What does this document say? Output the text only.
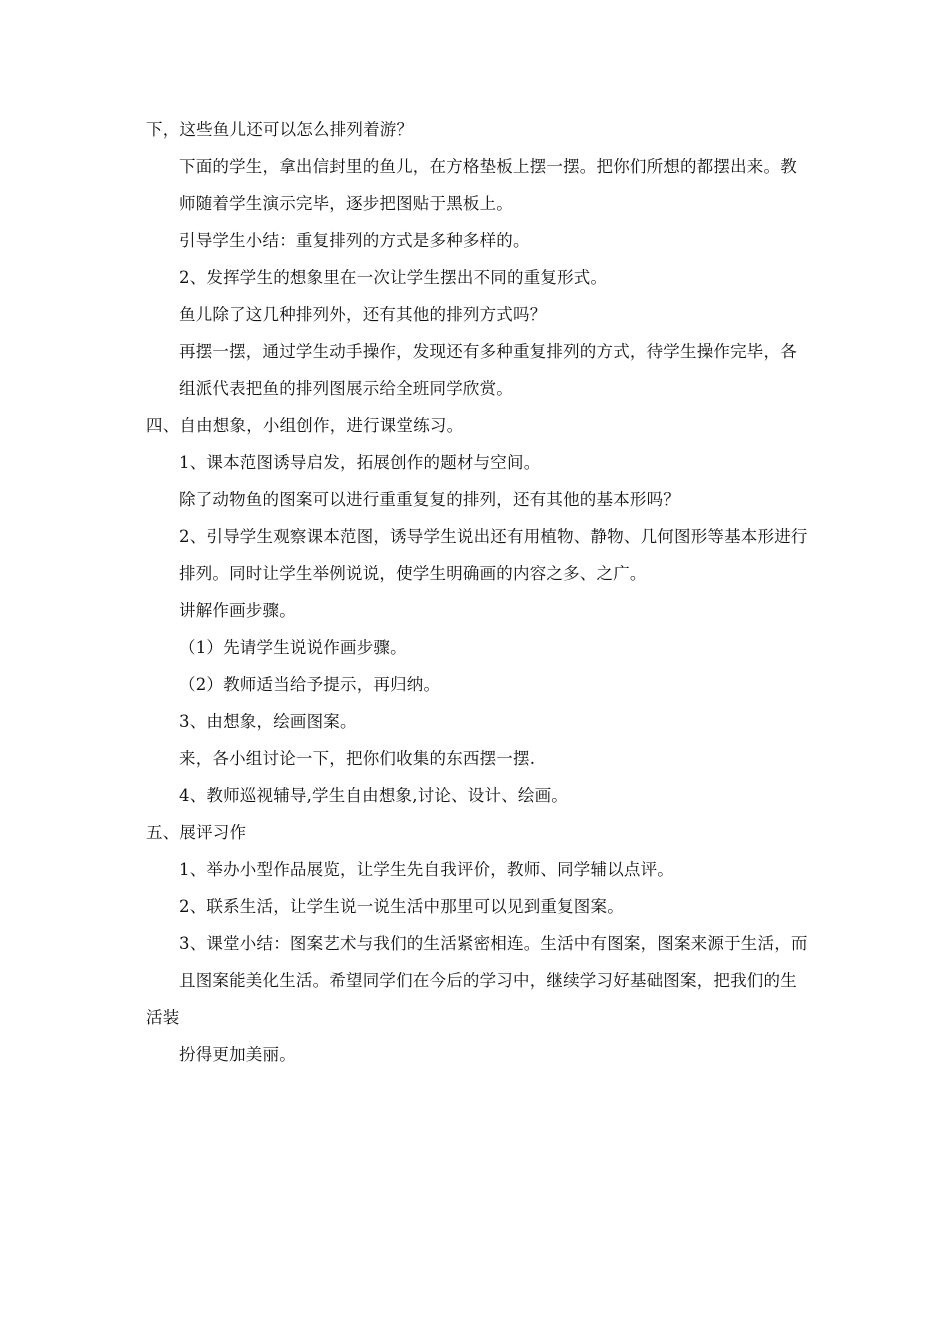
下，这些鱼儿还可以怎么排列着游？

下面的学生，拿出信封里的鱼儿，在方格垫板上摆一摆。把你们所想的都摆出来。教
师随着学生演示完毕，逐步把图贴于黑板上。

引导学生小结：重复排列的方式是多种多样的。

2、发挥学生的想象里在一次让学生摆出不同的重复形式。

鱼儿除了这几种排列外，还有其他的排列方式吗？

再摆一摆，通过学生动手操作，发现还有多种重复排列的方式，待学生操作完毕，各
组派代表把鱼的排列图展示给全班同学欣赏。

四、自由想象，小组创作，进行课堂练习。

1、课本范图诱导启发，拓展创作的题材与空间。

除了动物鱼的图案可以进行重重复复的排列，还有其他的基本形吗？

2、引导学生观察课本范图，诱导学生说出还有用植物、静物、几何图形等基本形进行
排列。同时让学生举例说说，使学生明确画的内容之多、之广。

讲解作画步骤。

（1）先请学生说说作画步骤。

（2）教师适当给予提示，再归纳。

3、由想象，绘画图案。

来，各小组讨论一下，把你们收集的东西摆一摆.

4、教师巡视辅导,学生自由想象,讨论、设计、绘画。

五、展评习作

1、举办小型作品展览，让学生先自我评价，教师、同学辅以点评。

2、联系生活，让学生说一说生活中那里可以见到重复图案。

3、课堂小结：图案艺术与我们的生活紧密相连。生活中有图案，图案来源于生活，而
且图案能美化生活。希望同学们在今后的学习中，继续学习好基础图案，把我们的生活装
扮得更加美丽。
